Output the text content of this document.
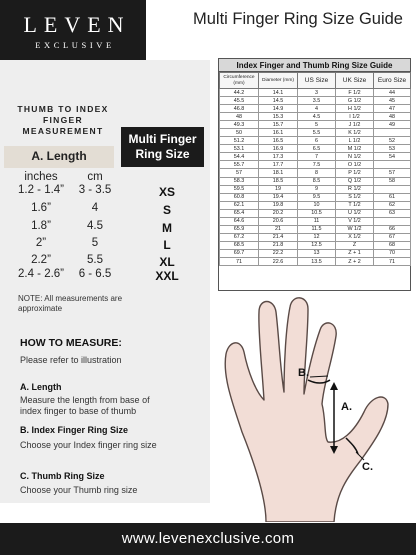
LEVEN
EXCLUSIVE
Multi Finger Ring Size Guide
THUMB TO INDEX FINGER MEASUREMENT
A. Length
Multi Finger Ring Size
inches	cm
1.2 - 1.4”	3 - 3.5	XS
1.6”	4	S
1.8”	4.5	M
2”	5	L
2.2”	5.5	XL
2.4 - 2.6”	6 - 6.5	XXL
NOTE: All measurements are approximate
Index Finger and Thumb Ring Size Guide
Circumference (mm)	Diameter (mm)	US Size	UK Size	Euro Size
44.2	14.1	3	F 1/2	44
45.5	14.5	3.5	G 1/2	45
46.8	14.9	4	H 1/2	47
48	15.3	4.5	I 1/2	48
49.3	15.7	5	J 1/2	49
50	16.1	5.5	K 1/2	
51.2	16.5	6	L 1/2	52
53.1	16.9	6.5	M 1/2	53
54.4	17.3	7	N 1/2	54
55.7	17.7	7.5	O 1/2	
57	18.1	8	P 1/2	57
58.3	18.5	8.5	Q 1/2	58
59.5	19	9	R 1/2	
60.8	19.4	9.5	S 1/2	61
62.1	19.8	10	T 1/2	62
65.4	20.2	10.5	U 1/2	63
64.6	20.6	11	V 1/2	
65.9	21	11.5	W 1/2	66
67.2	21.4	12	X 1/2	67
68.5	21.8	12.5	Z	68
69.7	22.2	13	Z + 1	70
71	22.6	13.5	Z + 2	71
HOW TO MEASURE:
Please refer to illustration
A. Length
Measure the length from base of index finger to base of thumb
B. Index Finger Ring Size
Choose your Index finger ring size
C. Thumb Ring Size
Choose your Thumb ring size
B.
A.
C.
www.levenexclusive.com
